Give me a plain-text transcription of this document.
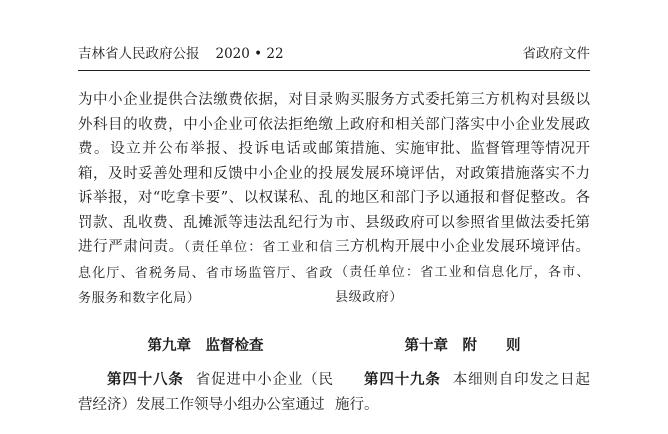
吉林省人民政府公报 2020 • 22	省政府文件

为中小企业提供合法缴费依据，对目录外科目的收费，中小企业可依法拒绝缴费。设立并公布举报、投诉电话或邮箱，及时妥善处理和反馈中小企业的投诉举报，对“吃拿卡要”、以权谋私、乱罚款、乱收费、乱摊派等违法乱纪行为进行严肃问责。（责任单位：省工业和信息化厅、省税务局、省市场监管厅、省政务服务和数字化局）

购买服务方式委托第三方机构对县级以上政府和相关部门落实中小企业发展政策措施、实施审批、监督管理等情况开展发展环境评估，对政策措施落实不力的地区和部门予以通报和督促整改。各市、县级政府可以参照省里做法委托第三方机构开展中小企业发展环境评估。（责任单位：省工业和信息化厅，各市、县级政府）

第九章　监督检查	第十章　附　　则
第四十八条 省促进中小企业（民营经济）发展工作领导小组办公室通过
第四十九条 本细则自印发之日起施行。
